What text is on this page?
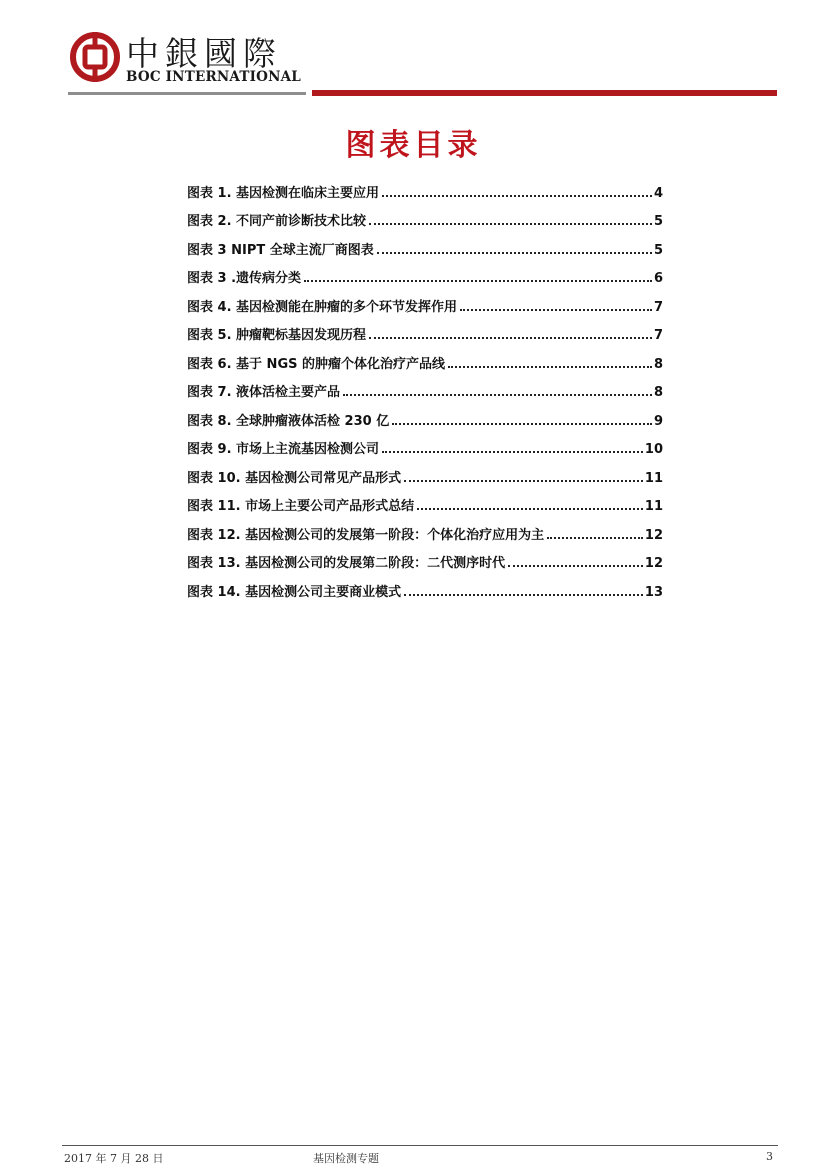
中銀國際
BOC INTERNATIONAL
图表目录
图表 1. 基因检测在临床主要应用	4
图表 2. 不同产前诊断技术比较	5
图表 3 NIPT 全球主流厂商图表	5
图表 3 .遗传病分类	6
图表 4. 基因检测能在肿瘤的多个环节发挥作用	7
图表 5. 肿瘤靶标基因发现历程	7
图表 6. 基于 NGS 的肿瘤个体化治疗产品线	8
图表 7. 液体活检主要产品	8
图表 8. 全球肿瘤液体活检 230 亿	9
图表 9. 市场上主流基因检测公司	10
图表 10. 基因检测公司常见产品形式	11
图表 11. 市场上主要公司产品形式总结	11
图表 12. 基因检测公司的发展第一阶段：个体化治疗应用为主	12
图表 13. 基因检测公司的发展第二阶段：二代测序时代	12
图表 14. 基因检测公司主要商业模式	13
2017 年 7 月 28 日	基因检测专题	3
